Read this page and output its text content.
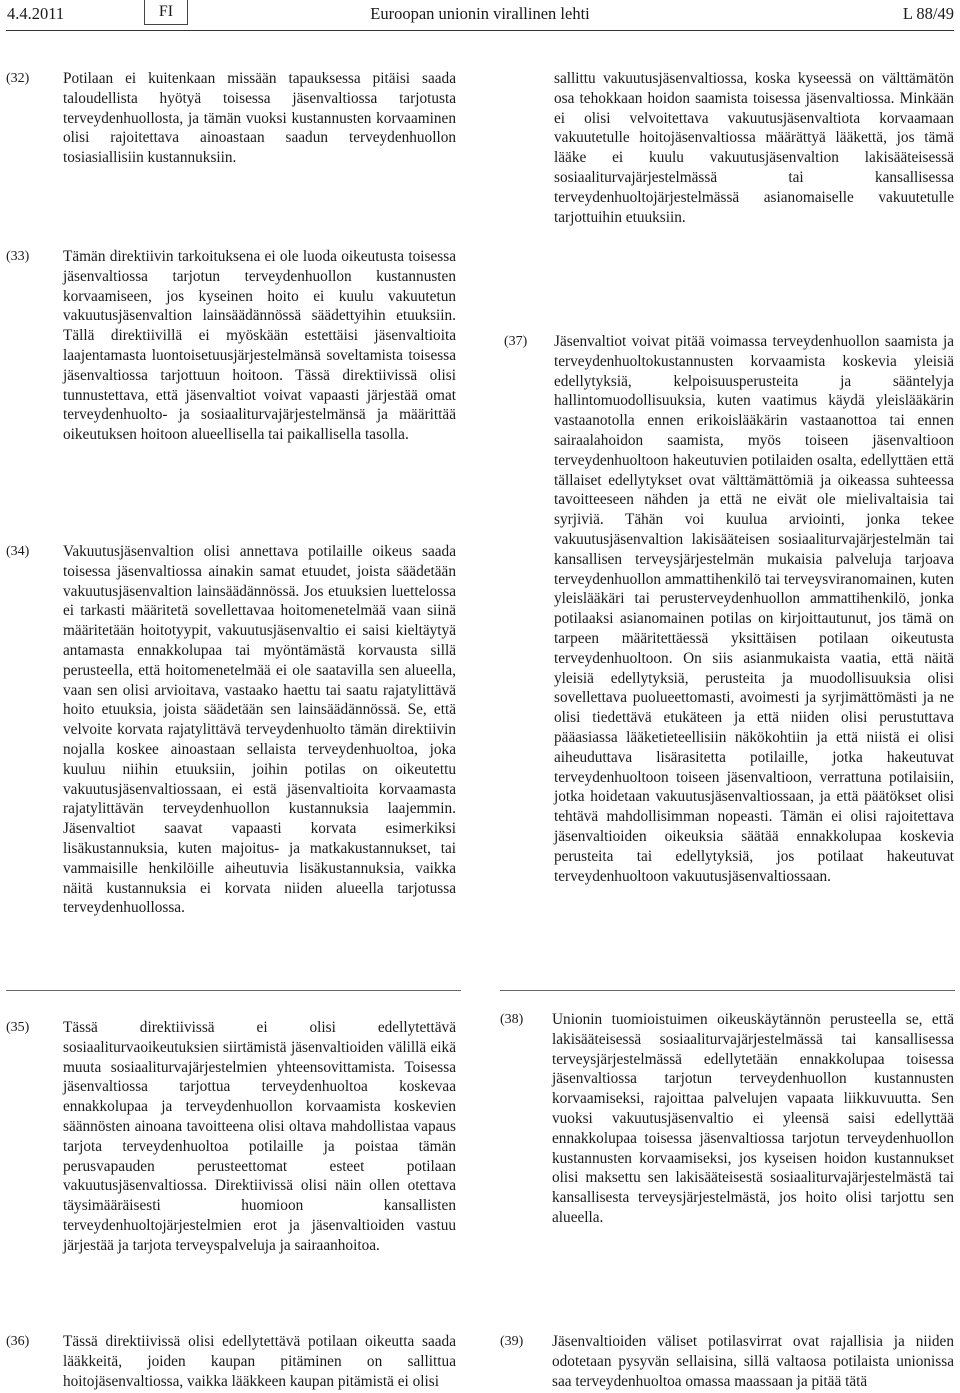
4.4.2011	FI	Euroopan unionin virallinen lehti	L 88/49
(32) Potilaan ei kuitenkaan missään tapauksessa pitäisi saada taloudellista hyötyä toisessa jäsenvaltiossa tarjotusta terveydenhuollosta, ja tämän vuoksi kustannusten korvaaminen olisi rajoitettava ainoastaan saadun terveydenhuollon tosiasiallisiin kustannuksiin.
(33) Tämän direktiivin tarkoituksena ei ole luoda oikeutusta toisessa jäsenvaltiossa tarjotun terveydenhuollon kustannusten korvaamiseen, jos kyseinen hoito ei kuulu vakuutetun vakuutusjäsenvaltion lainsäädännössä säädettyihin etuuksiin. Tällä direktiivillä ei myöskään estettäisi jäsenvaltioita laajentamasta luontoisetuusjärjestelmänsä soveltamista toisessa jäsenvaltiossa tarjottuun hoitoon. Tässä direktiivissä olisi tunnustettava, että jäsenvaltiot voivat vapaasti järjestää omat terveydenhuolto- ja sosiaaliturvajärjestelmänsä ja määrittää oikeutuksen hoitoon alueellisella tai paikallisella tasolla.
(34) Vakuutusjäsenvaltion olisi annettava potilaille oikeus saada toisessa jäsenvaltiossa ainakin samat etuudet, joista säädetään vakuutusjäsenvaltion lainsäädännössä. Jos etuuksien luettelossa ei tarkasti määritetä sovellettavaa hoitomenetelmää vaan siinä määritetään hoitotyypit, vakuutusjäsenvaltio ei saisi kieltäytyä antamasta ennakkolupaa tai myöntämästä korvausta sillä perusteella, että hoitomenetelmää ei ole saatavilla sen alueella, vaan sen olisi arvioitava, vastaako haettu tai saatu rajatylittävä hoito etuuksia, joista säädetään sen lainsäädännössä. Se, että velvoite korvata rajatylittävä terveydenhuolto tämän direktiivin nojalla koskee ainoastaan sellaista terveydenhuoltoa, joka kuuluu niihin etuuksiin, joihin potilas on oikeutettu vakuutusjäsenvaltiossaan, ei estä jäsenvaltioita korvaamasta rajatylittävän terveydenhuollon kustannuksia laajemmin. Jäsenvaltiot saavat vapaasti korvata esimerkiksi lisäkustannuksia, kuten majoitus- ja matkakustannukset, tai vammaisille henkilöille aiheutuvia lisäkustannuksia, vaikka näitä kustannuksia ei korvata niiden alueella tarjotussa terveydenhuollossa.
sallittu vakuutusjäsenvaltiossa, koska kyseessä on välttämätön osa tehokkaan hoidon saamista toisessa jäsenvaltiossa. Minkään ei olisi velvoitettava vakuutusjäsenvaltiota korvaamaan vakuutetulle hoitojäsenvaltiossa määrättyä lääkettä, jos tämä lääke ei kuulu vakuutusjäsenvaltion lakisääteisessä sosiaaliturvajärjestelmässä tai kansallisessa terveydenhuoltojärjestelmässä asianomaiselle vakuutetulle tarjottuihin etuuksiin.
(37) Jäsenvaltiot voivat pitää voimassa terveydenhuollon saamista ja terveydenhuoltokustannusten korvaamista koskevia yleisiä edellytyksiä, kelpoisuusperusteita ja sääntelyja hallintomuodollisuuksia, kuten vaatimus käydä yleislääkärin vastaanotolla ennen erikoislääkärin vastaanottoa tai ennen sairaalahoidon saamista, myös toiseen jäsenvaltioon terveydenhuoltoon hakeutuvien potilaiden osalta, edellyttäen että tällaiset edellytykset ovat välttämättömiä ja oikeassa suhteessa tavoitteeseen nähden ja että ne eivät ole mielivaltaisia tai syrjiviä. Tähän voi kuulua arviointi, jonka tekee vakuutusjäsenvaltion lakisääteisen sosiaaliturvajärjestelmän tai kansallisen terveysjärjestelmän mukaisia palveluja tarjoava terveydenhuollon ammattihenkilö tai terveysviranomainen, kuten yleislääkäri tai perusterveydenhuollon ammattihenkilö, jonka potilaaksi asianomainen potilas on kirjoittautunut, jos tämä on tarpeen määritettäessä yksittäisen potilaan oikeutusta terveydenhuoltoon. On siis asianmukaista vaatia, että näitä yleisiä edellytyksiä, perusteita ja muodollisuuksia olisi sovellettava puolueettomasti, avoimesti ja syrjimättömästi ja ne olisi tiedettävä etukäteen ja että niiden olisi perustuttava pääasiassa lääketieteellisiin näkökohtiin ja että niistä ei olisi aiheuduttava lisärasitetta potilaille, jotka hakeutuvat terveydenhuoltoon toiseen jäsenvaltioon, verrattuna potilaisiin, jotka hoidetaan vakuutusjäsenvaltiossaan, ja että päätökset olisi tehtävä mahdollisimman nopeasti. Tämän ei olisi rajoitettava jäsenvaltioiden oikeuksia säätää ennakkolupaa koskevia perusteita tai edellytyksiä, jos potilaat hakeutuvat terveydenhuoltoon vakuutusjäsenvaltiossaan.
(35) Tässä direktiivissä ei olisi edellytettävä sosiaaliturvaoikeutuksien siirtämistä jäsenvaltioiden välillä eikä muuta sosiaaliturvajärjestelmien yhteensovittamista. Toisessa jäsenvaltiossa tarjottua terveydenhuoltoa koskevaa ennakkolupaa ja terveydenhuollon korvaamista koskevien säännösten ainoana tavoitteena olisi oltava mahdollistaa vapaus tarjota terveydenhuoltoa potilaille ja poistaa tämän perusvapauden perusteettomat esteet potilaan vakuutusjäsenvaltiossa. Direktiivissä olisi näin ollen otettava täysimääräisesti huomioon kansallisten terveydenhuoltojärjestelmien erot ja jäsenvaltioiden vastuu järjestää ja tarjota terveyspalveluja ja sairaanhoitoa.
(36) Tässä direktiivissä olisi edellytettävä potilaan oikeutta saada lääkkeitä, joiden kaupan pitäminen on sallittua hoitojäsenvaltiossa, vaikka lääkkeen kaupan pitämistä ei olisi
(38) Unionin tuomioistuimen oikeuskäytännön perusteella se, että lakisääteisessä sosiaaliturvajärjestelmässä tai kansallisessa terveysjärjestelmässä edellytetään ennakkolupaa toisessa jäsenvaltiossa tarjotun terveydenhuollon kustannusten korvaamiseksi, rajoittaa palvelujen vapaata liikkuvuutta. Sen vuoksi vakuutusjäsenvaltio ei yleensä saisi edellyttää ennakkolupaa toisessa jäsenvaltiossa tarjotun terveydenhuollon kustannusten korvaamiseksi, jos kyseisen hoidon kustannukset olisi maksettu sen lakisääteisestä sosiaaliturvajärjestelmästä tai kansallisesta terveysjärjestelmästä, jos hoito olisi tarjottu sen alueella.
(39) Jäsenvaltioiden väliset potilasvirrat ovat rajallisia ja niiden odotetaan pysyvän sellaisina, sillä valtaosa potilaista unionissa saa terveydenhuoltoa omassa maassaan ja pitää tätä
